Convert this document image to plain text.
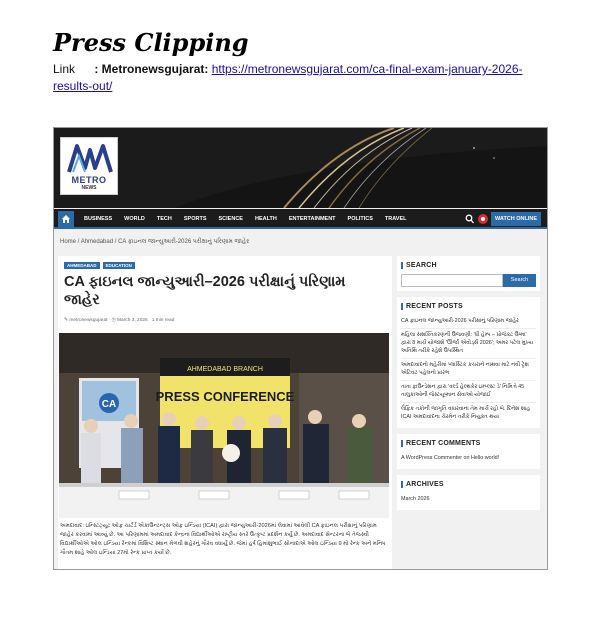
Press Clipping
Link : Metronewsgujarat: https://metronewsgujarat.com/ca-final-exam-january-2026-results-out/
METRO
NEWS
BUSINESS	WORLD	TECH	SPORTS	SCIENCE	HEALTH	ENTERTAINMENT	POLITICS	TRAVEL	WATCH ONLINE
Home / Ahmedabad / CA ફાઇનલ જાન્યુઆરી-2026 પરીક્ષાનું પરિણામ જાહેર
AHMEDABAD	EDUCATION
CA ફાઇનલ જાન્યુઆરી–2026 પરીક્ષાનું પરિણામ જાહેર
✎ metronewsgujarat ◷ March 3, 2026 1 min read
CA
AHMEDABAD BRANCH
PRESS CONFERENCE
અમદાવાદ: ઇન્સ્ટિટ્યૂટ ઓફ ચાર્ટર્ડ એકાઉન્ટન્ટ્સ ઓફ ઇન્ડિયા (ICAI) દ્વારા જાન્યુઆરી-2026માં લેવામાં આવેલી CA ફાઇનલ પરીક્ષાનું પરિણામ જાહેર કરવામાં આવ્યું છે. આ પરિણામમાં અમદાવાદ કેન્દ્રના વિદ્યાર્થીઓએ રાષ્ટ્રીય સ્તરે ઉત્કૃષ્ટ પ્રદર્શન કર્યું છે. અમદાવાદ સેન્ટરના બે તેજસ્વી વિદ્યાર્થીઓએ ઓલ ઇન્ડિયા રેન્કમાં વિશિષ્ટ સ્થાન મેળવી શહેરનું ગૌરવ વધાર્યું છે. જેમાં હર્ષ હિમાંશુભાઈ સોનાદાએ ઓલ ઇન્ડિયા 9 મો રેન્ક અને મનિષ ગૌતમ શાહે ઓલ ઇન્ડિયા 27મો રેન્ક પ્રાપ્ત કર્યો છે.
SEARCH
Search
RECENT POSTS
CA ફાઇનલ જાન્યુઆરી-2026 પરીક્ષાનું પરિણામ જાહેર
મહિલા સશક્તિકરણની ઉજવણી: 'ધી હેમ્પ – પ્રોજેક્ટ ઉષ્મા' દ્વારા 8 માર્ચે યોજાશે 'ઊર્જા એવોર્ડ્સ 2026'; અમર પટેલ મુખ્ય અતિથિ તરીકે રહેશે ઉપસ્થિત
અમદાવાદનો મહેરીમાં પ્લાસ્ટિક કચરાને નાથવા માટે નવી ટ્રેશ એટિવટ પહેલનો પ્રારંભ
તાતા ફાઉન્ડેશન દ્વારા 'વર્લ્ડ હેલ્થકેર ઇમ્પ્લ્સ્ટ ડે' નિમિત્તે 45 તાલુકાઓની જેસ્ટયૂષ્માન સેવાઓ યોજાઈ
લૈફિક તકોની જાગૃતિ વધારવાના તેમ માર્ચે રહો બે. દિનેશ શાહ ICAI અમદાવાદના ચેરમેન તરીકે નિયુક્ત થયા
RECENT COMMENTS
A WordPress Commenter on Hello world!
ARCHIVES
March 2026
